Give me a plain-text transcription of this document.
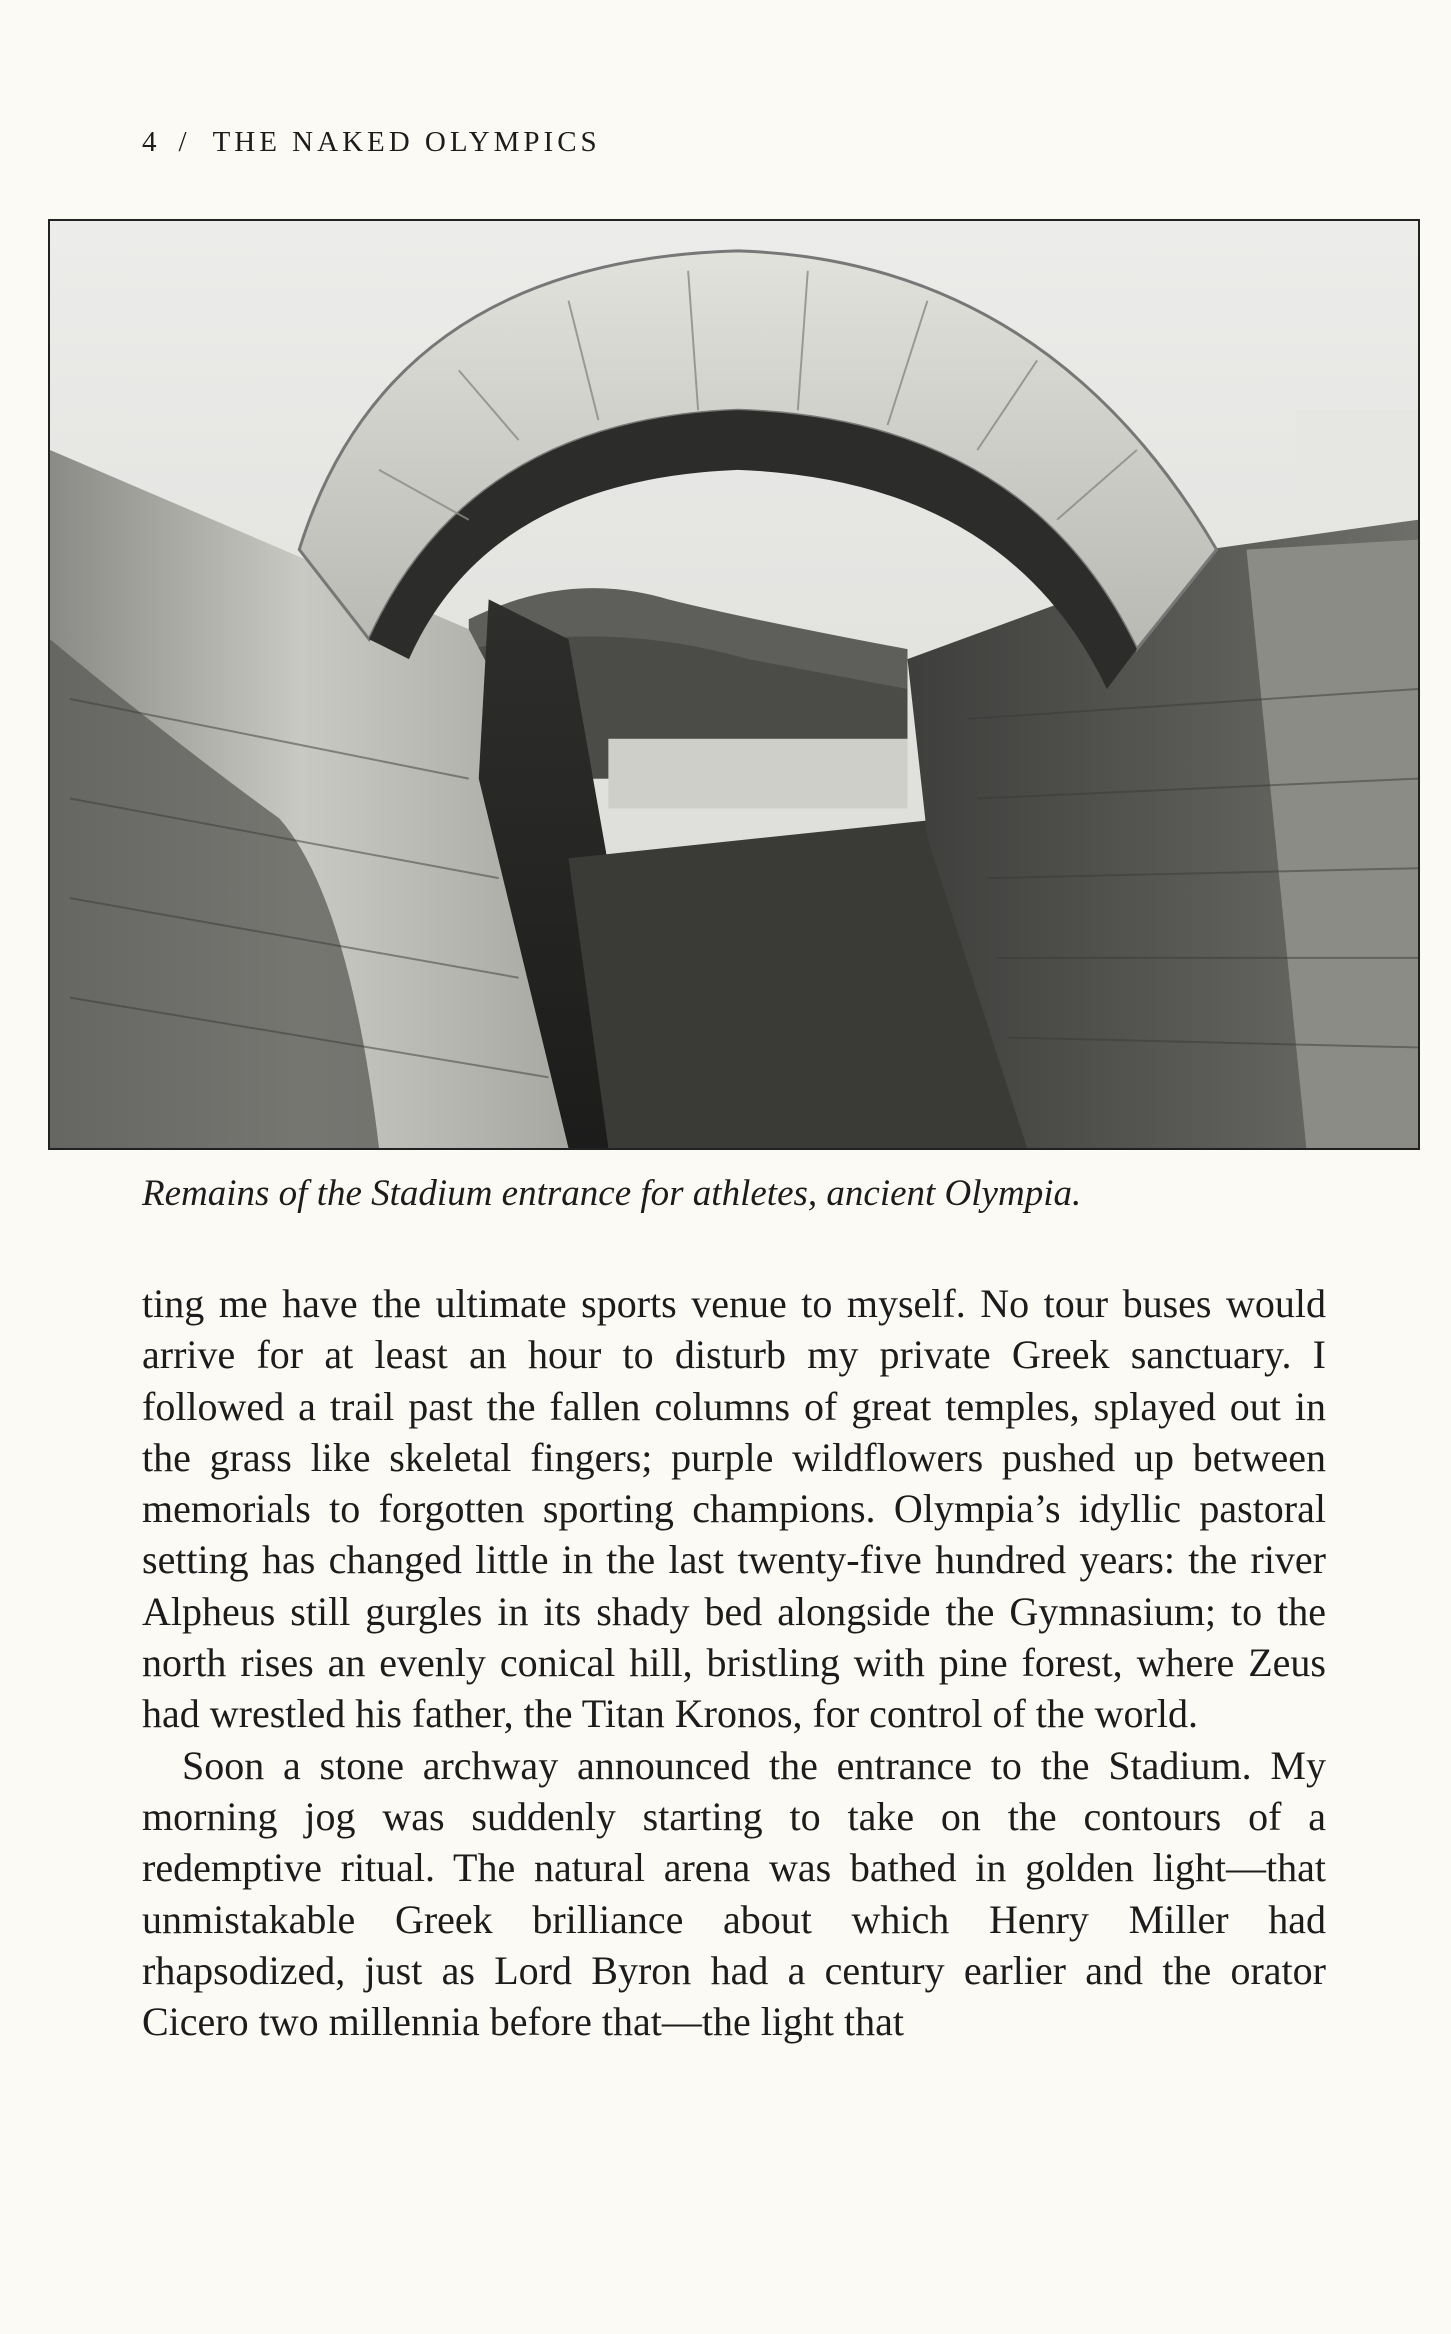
4 / THE NAKED OLYMPICS
Remains of the Stadium entrance for athletes, ancient Olympia.

ting me have the ultimate sports venue to myself. No tour buses would arrive for at least an hour to disturb my private Greek sanctuary. I followed a trail past the fallen columns of great temples, splayed out in the grass like skeletal fingers; purple wildflowers pushed up between memorials to forgotten sporting champions. Olympia’s idyllic pastoral setting has changed little in the last twenty-five hundred years: the river Alpheus still gurgles in its shady bed alongside the Gymnasium; to the north rises an evenly conical hill, bristling with pine forest, where Zeus had wrestled his father, the Titan Kronos, for control of the world.

Soon a stone archway announced the entrance to the Stadium. My morning jog was suddenly starting to take on the contours of a redemptive ritual. The natural arena was bathed in golden light—that unmistakable Greek brilliance about which Henry Miller had rhapsodized, just as Lord Byron had a century earlier and the orator Cicero two millennia before that—the light that
